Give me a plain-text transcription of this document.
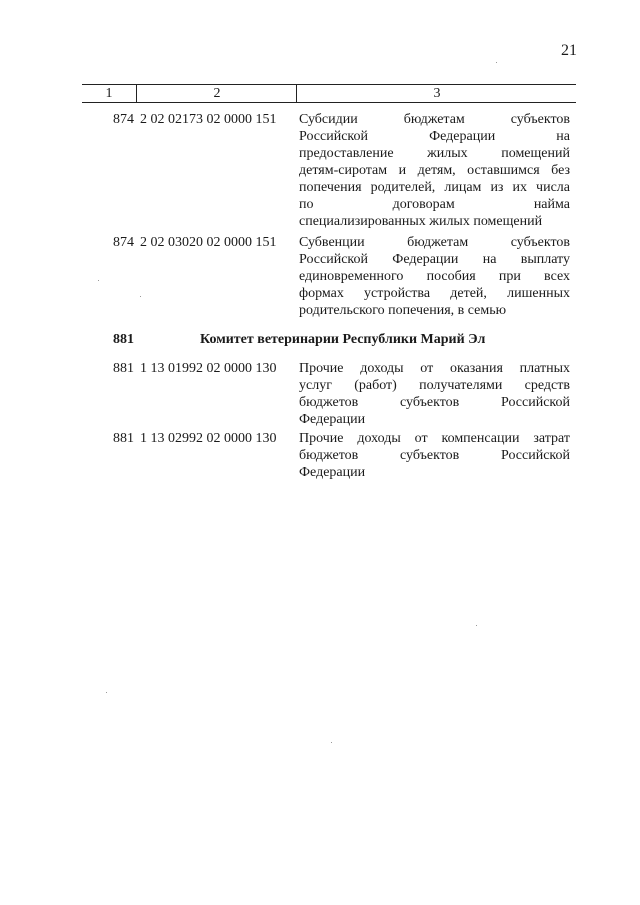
21
1	2	3
874 2 02 02173 02 0000 151	Субсидии бюджетам субъектов
Российской Федерации на
предоставление жилых помещений
детям-сиротам и детям, оставшимся без
попечения родителей, лицам из их числа
по договорам найма
специализированных жилых помещений
874 2 02 03020 02 0000 151	Субвенции бюджетам субъектов
Российской Федерации на выплату
единовременного пособия при всех
формах устройства детей, лишенных
родительского попечения, в семью
881	Комитет ветеринарии Республики Марий Эл
881 1 13 01992 02 0000 130	Прочие доходы от оказания платных
услуг (работ) получателями средств
бюджетов субъектов Российской
Федерации
881 1 13 02992 02 0000 130	Прочие доходы от компенсации затрат
бюджетов субъектов Российской
Федерации
